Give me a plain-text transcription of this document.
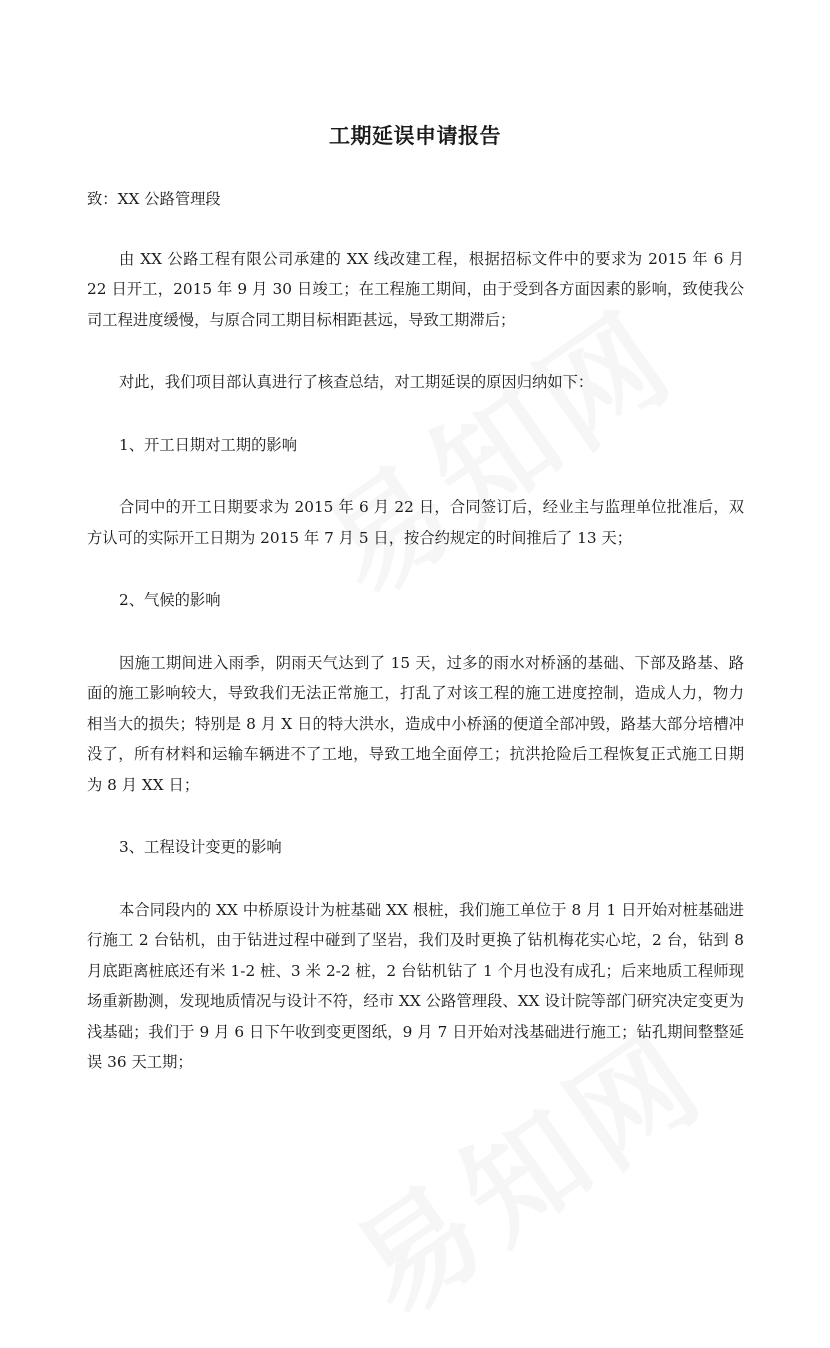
工期延误申请报告

致：XX 公路管理段

由 XX 公路工程有限公司承建的 XX 线改建工程，根据招标文件中的要求为 2015 年 6 月 22 日开工，2015 年 9 月 30 日竣工；在工程施工期间，由于受到各方面因素的影响，致使我公司工程进度缓慢，与原合同工期目标相距甚远，导致工期滞后；

对此，我们项目部认真进行了核查总结，对工期延误的原因归纳如下：

1、开工日期对工期的影响

合同中的开工日期要求为 2015 年 6 月 22 日，合同签订后，经业主与监理单位批准后，双方认可的实际开工日期为 2015 年 7 月 5 日，按合约规定的时间推后了 13 天；

2、气候的影响

因施工期间进入雨季，阴雨天气达到了 15 天，过多的雨水对桥涵的基础、下部及路基、路面的施工影响较大，导致我们无法正常施工，打乱了对该工程的施工进度控制，造成人力，物力相当大的损失；特别是 8 月 X 日的特大洪水，造成中小桥涵的便道全部冲毁，路基大部分培槽冲没了，所有材料和运输车辆进不了工地，导致工地全面停工；抗洪抢险后工程恢复正式施工日期为 8 月 XX 日；

3、工程设计变更的影响

本合同段内的 XX 中桥原设计为桩基础 XX 根桩，我们施工单位于 8 月 1 日开始对桩基础进行施工 2 台钻机，由于钻进过程中碰到了坚岩，我们及时更换了钻机梅花实心坨，2 台，钻到 8 月底距离桩底还有米 1-2 桩、3 米 2-2 桩，2 台钻机钻了 1 个月也没有成孔；后来地质工程师现场重新勘测，发现地质情况与设计不符，经市 XX 公路管理段、XX 设计院等部门研究决定变更为浅基础；我们于 9 月 6 日下午收到变更图纸，9 月 7 日开始对浅基础进行施工；钻孔期间整整延误 36 天工期；
